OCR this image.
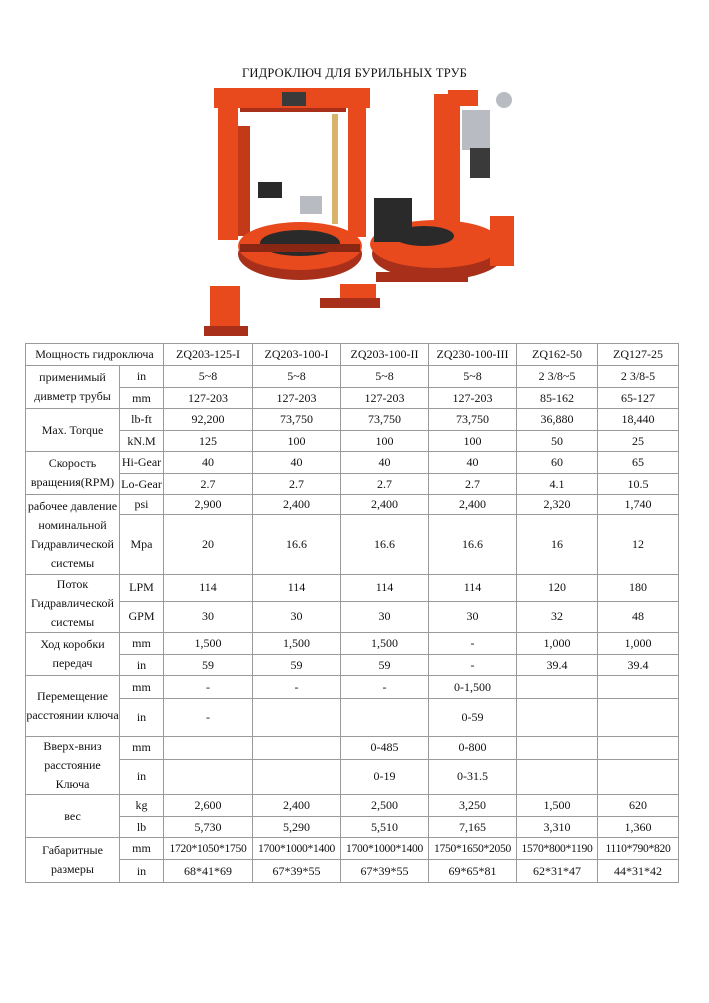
ГИДРОКЛЮЧ ДЛЯ БУРИЛЬНЫХ ТРУБ
Мощность гидроключа		ZQ203-125-I	ZQ203-100-I	ZQ203-100-II	ZQ230-100-III	ZQ162-50	ZQ127-25
применимый дивметр трубы	in	5~8	5~8	5~8	5~8	2 3/8~5	2 3/8-5
	mm	127-203	127-203	127-203	127-203	85-162	65-127
Max. Torque	lb-ft	92,200	73,750	73,750	73,750	36,880	18,440
	kN.M	125	100	100	100	50	25
Скорость вращения(RPM)	Hi-Gear	40	40	40	40	60	65
	Lo-Gear	2.7	2.7	2.7	2.7	4.1	10.5
рабочее давление номинальной Гидравлической системы	psi	2,900	2,400	2,400	2,400	2,320	1,740
	Mpa	20	16.6	16.6	16.6	16	12
Поток Гидравлической системы	LPM	114	114	114	114	120	180
	GPM	30	30	30	30	32	48
Ход коробки передач	mm	1,500	1,500	1,500	-	1,000	1,000
	in	59	59	59	-	39.4	39.4
Перемещение расстоянии ключа	mm	-	-	-	0-1,500		
	in	-			0-59		
Вверх-вниз расстояние Ключа	mm			0-485	0-800		
	in			0-19	0-31.5		
вес	kg	2,600	2,400	2,500	3,250	1,500	620
	lb	5,730	5,290	5,510	7,165	3,310	1,360
Габаритные размеры	mm	1720*1050*1750	1700*1000*1400	1700*1000*1400	1750*1650*2050	1570*800*1190	1110*790*820
	in	68*41*69	67*39*55	67*39*55	69*65*81	62*31*47	44*31*42
